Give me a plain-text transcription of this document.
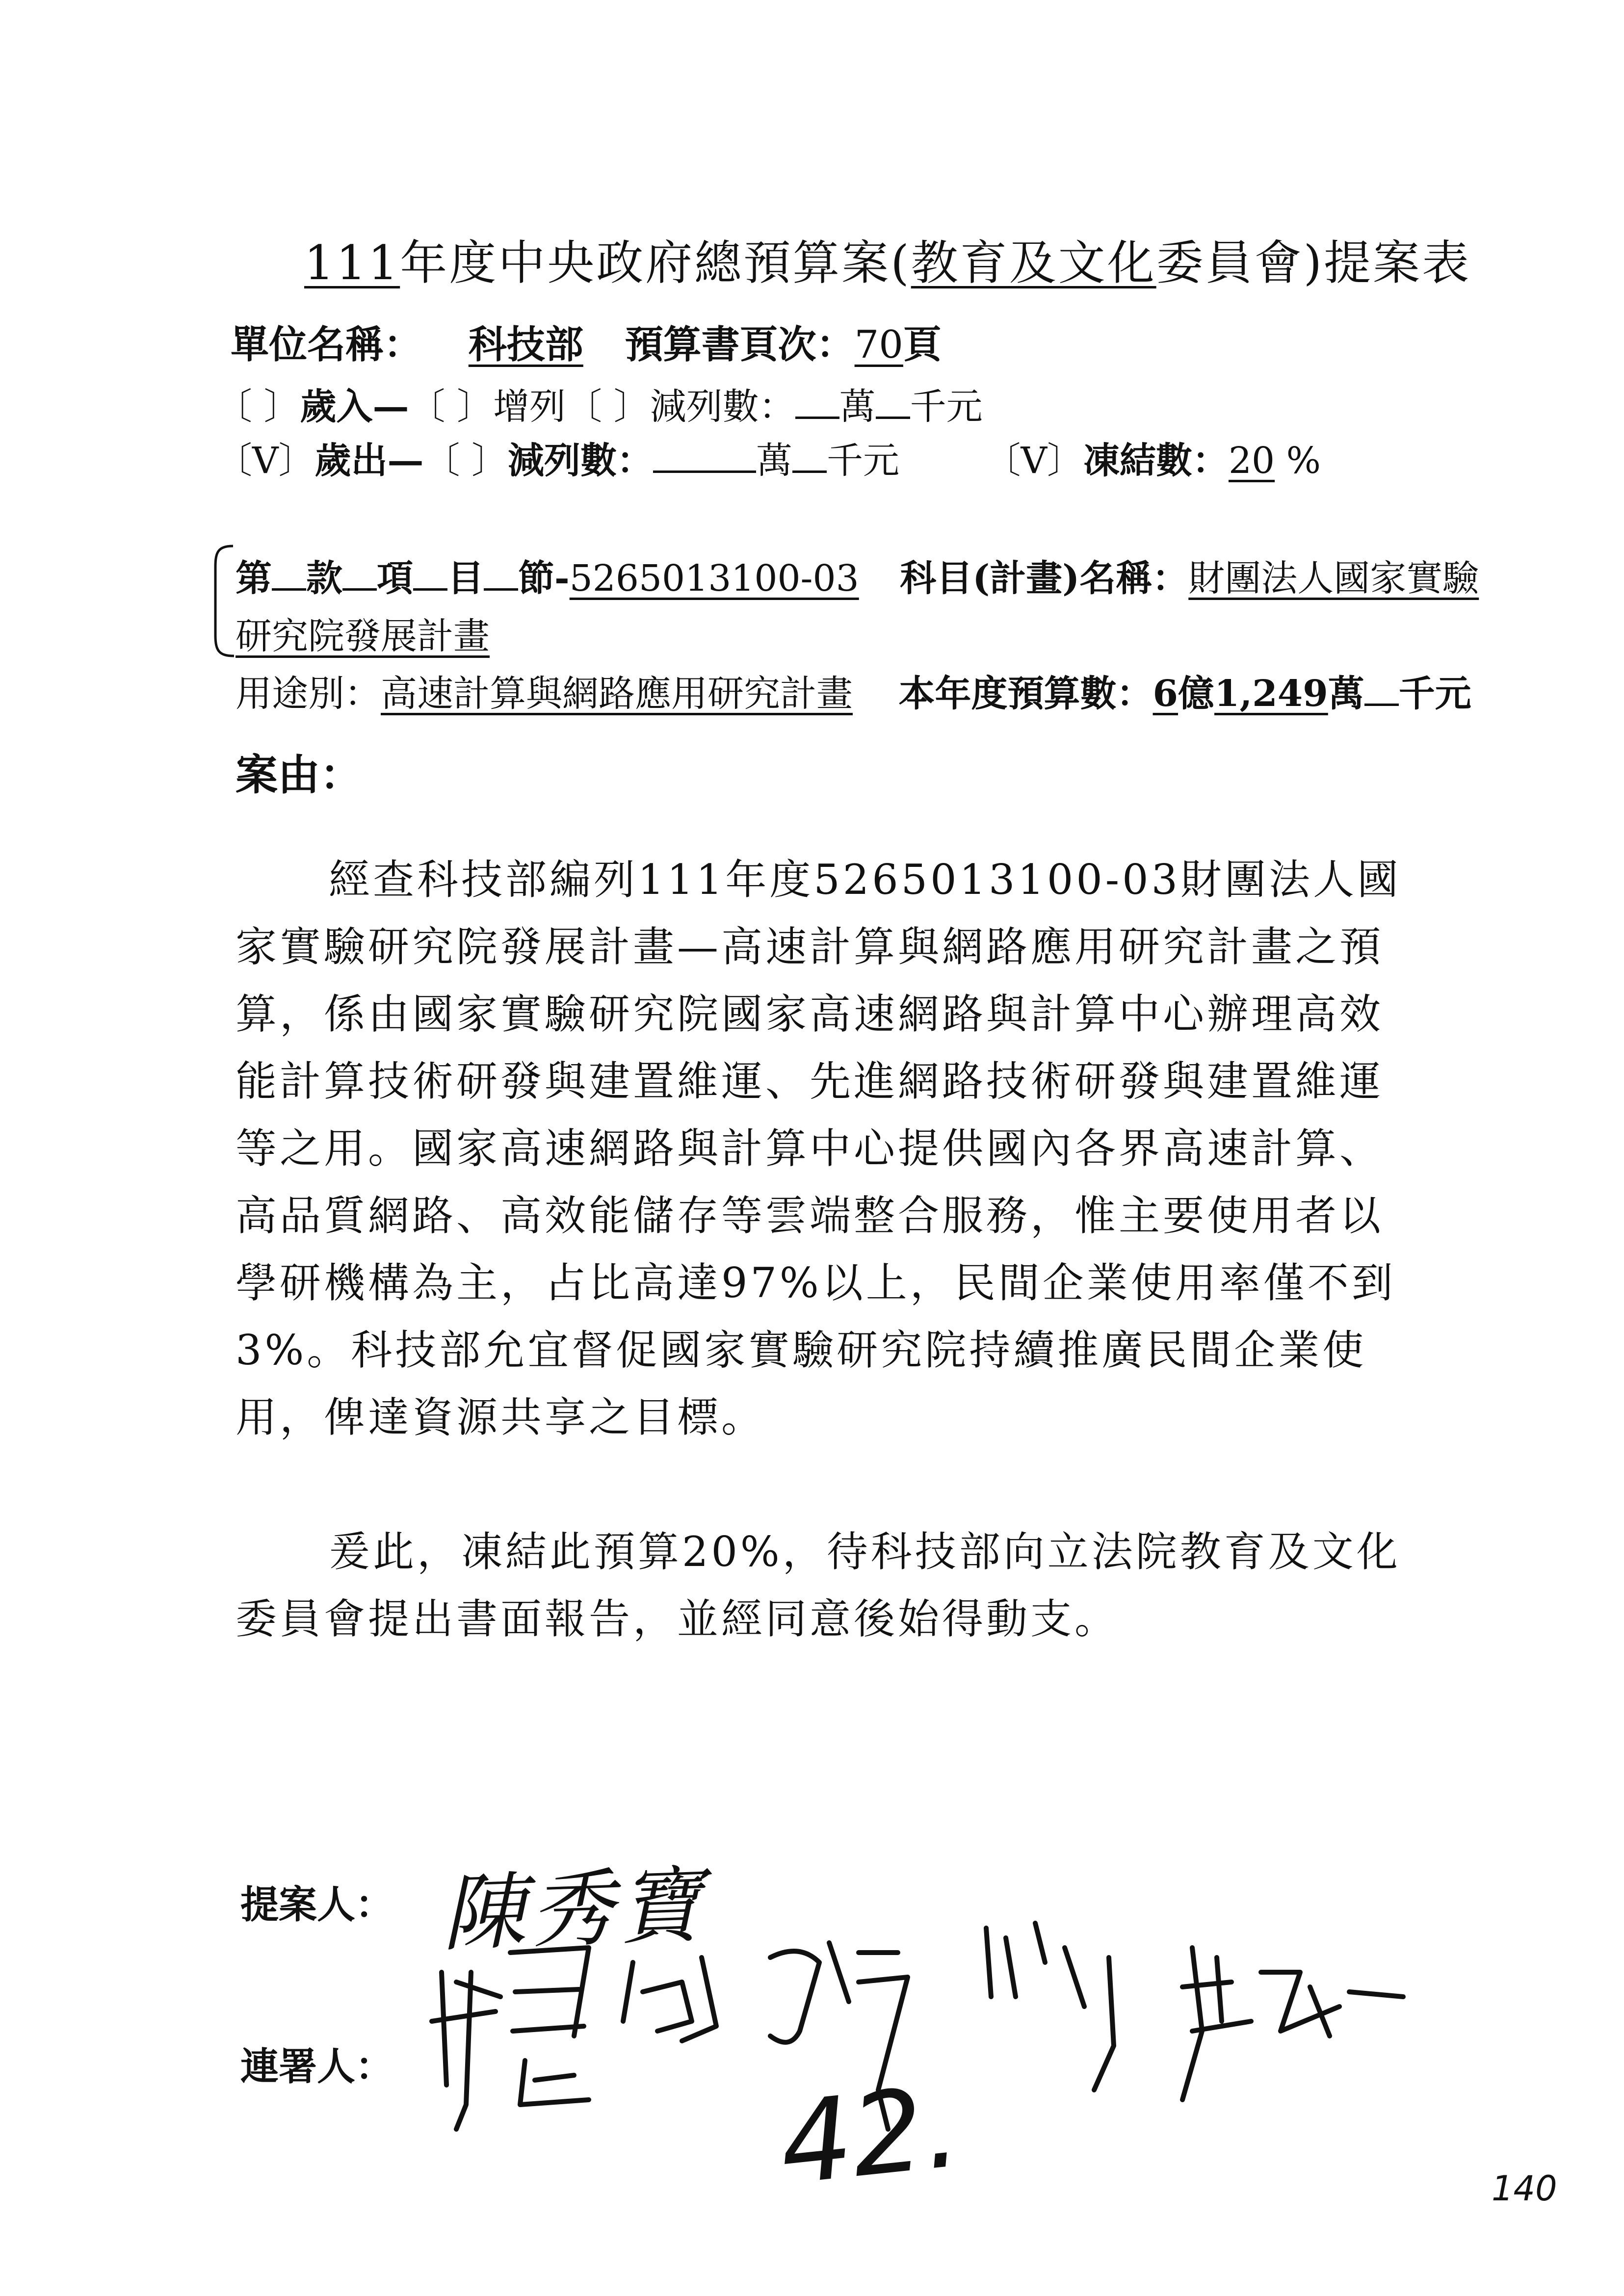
111年度中央政府總預算案(教育及文化委員會)提案表
單位名稱： 科技部 預算書頁次：70頁
〔 〕歲入—〔 〕增列〔 〕減列數： 萬 千元
〔V〕歲出—〔 〕減列數：	萬 千元 〔V〕凍結數：20 %
第 款 項 目 節-5265013100-03 科目(計畫)名稱：財團法人國家實驗
研究院發展計畫
用途別：高速計算與網路應用研究計畫 本年度預算數：6億1,249萬 千元
案由：

經查科技部編列111年度5265013100-03財團法人國家實驗研究院發展計畫—高速計算與網路應用研究計畫之預算，係由國家實驗研究院國家高速網路與計算中心辦理高效能計算技術研發與建置維運、先進網路技術研發與建置維運等之用。國家高速網路與計算中心提供國內各界高速計算、高品質網路、高效能儲存等雲端整合服務，惟主要使用者以學研機構為主，占比高達97%以上，民間企業使用率僅不到3%。科技部允宜督促國家實驗研究院持續推廣民間企業使用，俾達資源共享之目標。

爰此，凍結此預算20%，待科技部向立法院教育及文化委員會提出書面報告，並經同意後始得動支。

提案人： 陳秀寶
連署人：	42.	140
